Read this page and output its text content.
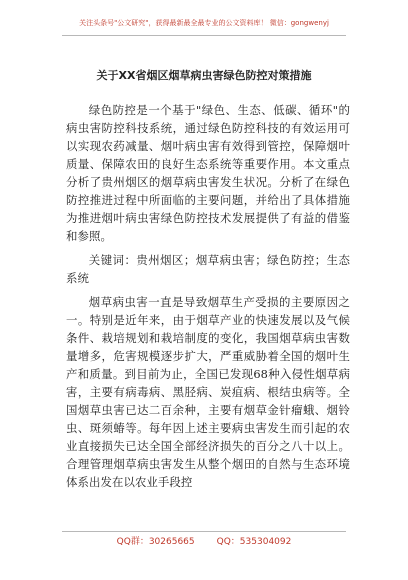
关注头条号"公文研究"，获得最新最全最专业的公文资料库！ 微信：gongwenyj
关于XX省烟区烟草病虫害绿色防控对策措施

绿色防控是一个基于"绿色、生态、低碳、循环"的病虫害防控科技系统，通过绿色防控科技的有效运用可以实现农药减量、烟叶病虫害有效得到管控，保障烟叶质量、保障农田的良好生态系统等重要作用。本文重点分析了贵州烟区的烟草病虫害发生状况。分析了在绿色防控推进过程中所面临的主要问题，并给出了具体措施为推进烟叶病虫害绿色防控技术发展提供了有益的借鉴和参照。

关键词：贵州烟区；烟草病虫害；绿色防控；生态系统

烟草病虫害一直是导致烟草生产受损的主要原因之一。特别是近年来，由于烟草产业的快速发展以及气候条件、栽培规划和栽培制度的变化，我国烟草病虫害数量增多，危害规模逐步扩大，严重威胁着全国的烟叶生产和质量。到目前为止，全国已发现68种入侵性烟草病害，主要有病毒病、黑胫病、炭疽病、根结虫病等。全国烟草虫害已达二百余种，主要有烟草金针瘤蛾、烟铃虫、斑须蝽等。每年因上述主要病虫害发生而引起的农业直接损失已达全国全部经济损失的百分之八十以上。合理管理烟草病虫害发生从整个烟田的自然与生态环境体系出发在以农业手段控

QQ群：30265665 QQ：535304092
